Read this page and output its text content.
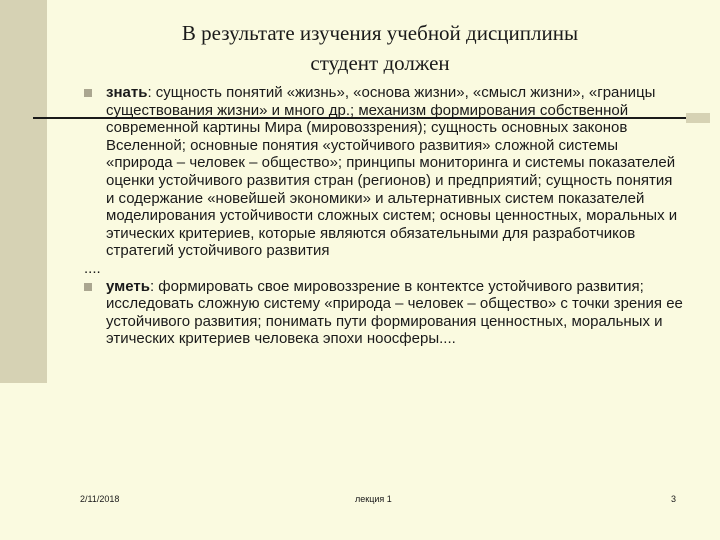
В результате изучения учебной дисциплины
студент должен

знать: сущность понятий «жизнь», «основа жизни», «смысл жизни», «границы существования жизни» и много др.; механизм формирования собственной современной картины Мира (мировоззрения); сущность основных законов Вселенной; основные понятия «устойчивого развития» сложной системы «природа – человек – общество»; принципы мониторинга и системы показателей оценки устойчивого развития стран (регионов) и предприятий; сущность понятия и содержание «новейшей экономики» и альтернативных систем показателей моделирования устойчивости сложных систем; основы ценностных, моральных и этических критериев, которые являются обязательными для разработчиков стратегий устойчивого развития

....

уметь: формировать свое мировоззрение в контектсе устойчивого развития; исследовать сложную систему «природа – человек – общество» с точки зрения ее устойчивого развития; понимать пути формирования ценностных, моральных и этических критериев человека эпохи ноосферы....

2/11/2018	лекция 1	3
